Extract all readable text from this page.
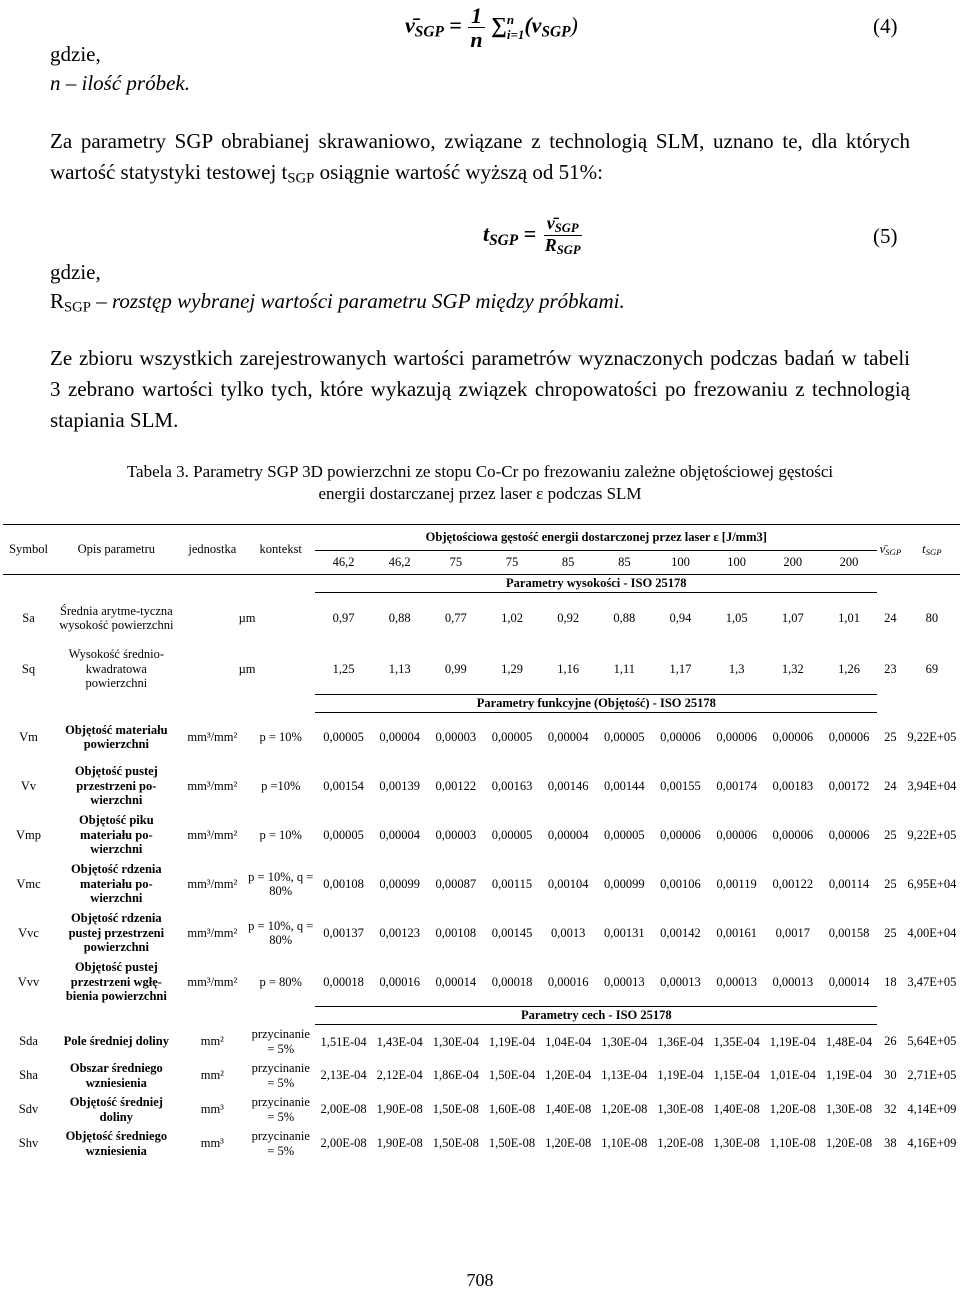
$\nū_{SGP} = \frac{1}{n}$ ∑ n
i=1 $(\nu_{SGP})$	(4)
gdzie,
n – ilość próbek.
Za parametry SGP obrabianej skrawaniowo, związane z technologią SLM, uznano te, dla których wartość statystyki testowej $t_{SGP}$ osiągnie wartość wyższą od 51%:
$t_{SGP} = \frac{\nū_{SGP}}{R_{SGP}}$	(5)
gdzie,
$R_{SGP}$ – rozstęp wybranej wartości parametru SGP między próbkami.
Ze zbioru wszystkich zarejestrowanych wartości parametrów wyznaczonych podczas badań w tabeli 3 zebrano wartości tylko tych, które wykazują związek chropowatości po frezowaniu z technologią stapiania SLM.
Tabela 3. Parametry SGP 3D powierzchni ze stopu Co-Cr po frezowaniu zależne objętościowej gęstości
energii dostarczanej przez laser ε podczas SLM
Symbol	Opis parametru	jednostka	kontekst	Objętościowa gęstość energii dostarczonej przez laser ε [J/mm3]										$\nū_{SGP}$	$t_{SGP}$
				46,2	46,2	75	75	85	85	100	100	200	200		
				Parametry wysokości - ISO 25178											
Sa	Średnia arytme-tyczna wysokość powierzchni	µm		0,97	0,88	0,77	1,02	0,92	0,88	0,94	1,05	1,07	1,01	24	80
Sq	Wysokość średnio-kwadratowa powierzchni	µm		1,25	1,13	0,99	1,29	1,16	1,11	1,17	1,3	1,32	1,26	23	69
				Parametry funkcyjne (Objętość) - ISO 25178											
Vm	Objętość materiału powierzchni	mm³/mm²	p = 10%	0,00005	0,00004	0,00003	0,00005	0,00004	0,00005	0,00006	0,00006	0,00006	0,00006	25	9,22E+05
Vv	Objętość pustej przestrzeni po-wierzchni	mm³/mm²	p =10%	0,00154	0,00139	0,00122	0,00163	0,00146	0,00144	0,00155	0,00174	0,00183	0,00172	24	3,94E+04
Vmp	Objętość piku materiału po-wierzchni	mm³/mm²	p = 10%	0,00005	0,00004	0,00003	0,00005	0,00004	0,00005	0,00006	0,00006	0,00006	0,00006	25	9,22E+05
Vmc	Objętość rdzenia materiału po-wierzchni	mm³/mm²	p = 10%, q = 80%	0,00108	0,00099	0,00087	0,00115	0,00104	0,00099	0,00106	0,00119	0,00122	0,00114	25	6,95E+04
Vvc	Objętość rdzenia pustej przestrzeni powierzchni	mm³/mm²	p = 10%, q = 80%	0,00137	0,00123	0,00108	0,00145	0,0013	0,00131	0,00142	0,00161	0,0017	0,00158	25	4,00E+04
Vvv	Objętość pustej przestrzeni wgłę-bienia powierzchni	mm³/mm²	p = 80%	0,00018	0,00016	0,00014	0,00018	0,00016	0,00013	0,00013	0,00013	0,00013	0,00014	18	3,47E+05
				Parametry cech - ISO 25178											
Sda	Pole średniej doliny	mm²	przycinanie = 5%	1,51E-04	1,43E-04	1,30E-04	1,19E-04	1,04E-04	1,30E-04	1,36E-04	1,35E-04	1,19E-04	1,48E-04	26	5,64E+05
Sha	Obszar średniego wzniesienia	mm²	przycinanie = 5%	2,13E-04	2,12E-04	1,86E-04	1,50E-04	1,20E-04	1,13E-04	1,19E-04	1,15E-04	1,01E-04	1,19E-04	30	2,71E+05
Sdv	Objętość średniej doliny	mm³	przycinanie = 5%	2,00E-08	1,90E-08	1,50E-08	1,60E-08	1,40E-08	1,20E-08	1,30E-08	1,40E-08	1,20E-08	1,30E-08	32	4,14E+09
Shv	Objętość średniego wzniesienia	mm³	przycinanie = 5%	2,00E-08	1,90E-08	1,50E-08	1,50E-08	1,20E-08	1,10E-08	1,20E-08	1,30E-08	1,10E-08	1,20E-08	38	4,16E+09
708
